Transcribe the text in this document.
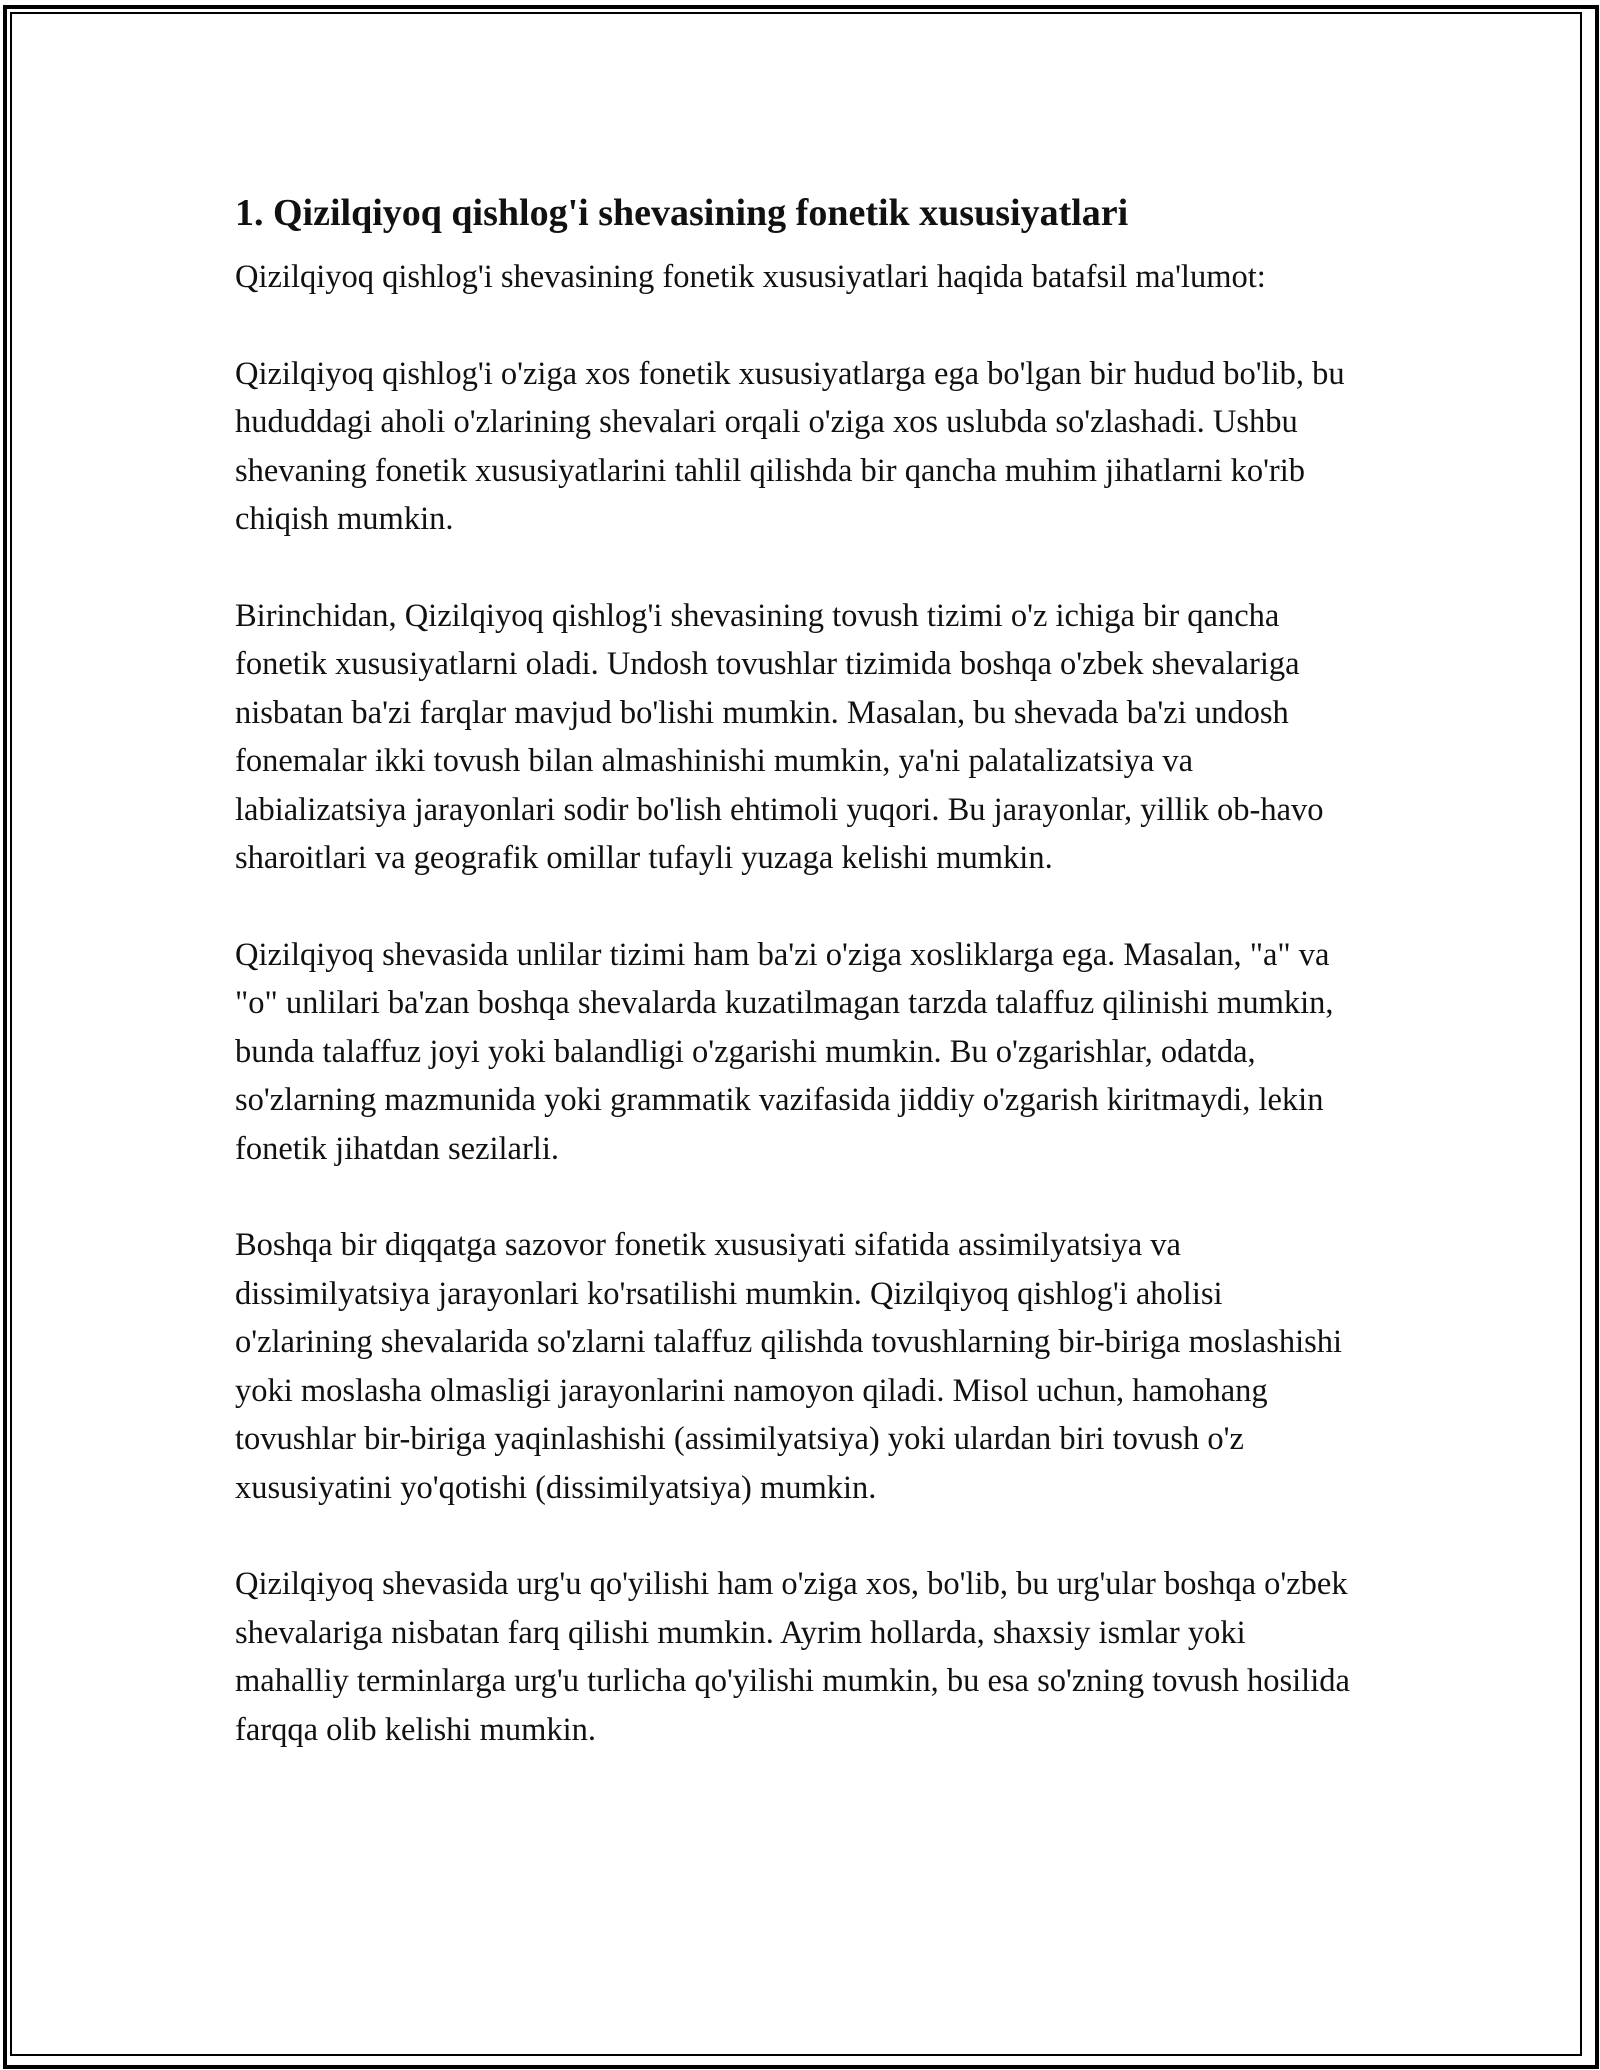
1. Qizilqiyoq qishlog'i shevasining fonetik xususiyatlari

Qizilqiyoq qishlog'i shevasining fonetik xususiyatlari haqida batafsil ma'lumot:

Qizilqiyoq qishlog'i o'ziga xos fonetik xususiyatlarga ega bo'lgan bir hudud bo'lib, bu hududdagi aholi o'zlarining shevalari orqali o'ziga xos uslubda so'zlashadi. Ushbu shevaning fonetik xususiyatlarini tahlil qilishda bir qancha muhim jihatlarni ko'rib chiqish mumkin.

Birinchidan, Qizilqiyoq qishlog'i shevasining tovush tizimi o'z ichiga bir qancha fonetik xususiyatlarni oladi. Undosh tovushlar tizimida boshqa o'zbek shevalariga nisbatan ba'zi farqlar mavjud bo'lishi mumkin. Masalan, bu shevada ba'zi undosh fonemalar ikki tovush bilan almashinishi mumkin, ya'ni palatalizatsiya va labializatsiya jarayonlari sodir bo'lish ehtimoli yuqori. Bu jarayonlar, yillik ob-havo sharoitlari va geografik omillar tufayli yuzaga kelishi mumkin.

Qizilqiyoq shevasida unlilar tizimi ham ba'zi o'ziga xosliklarga ega. Masalan, "a" va "o" unlilari ba'zan boshqa shevalarda kuzatilmagan tarzda talaffuz qilinishi mumkin, bunda talaffuz joyi yoki balandligi o'zgarishi mumkin. Bu o'zgarishlar, odatda, so'zlarning mazmunida yoki grammatik vazifasida jiddiy o'zgarish kiritmaydi, lekin fonetik jihatdan sezilarli.

Boshqa bir diqqatga sazovor fonetik xususiyati sifatida assimilyatsiya va dissimilyatsiya jarayonlari ko'rsatilishi mumkin. Qizilqiyoq qishlog'i aholisi o'zlarining shevalarida so'zlarni talaffuz qilishda tovushlarning bir-biriga moslashishi yoki moslasha olmasligi jarayonlarini namoyon qiladi. Misol uchun, hamohang tovushlar bir-biriga yaqinlashishi (assimilyatsiya) yoki ulardan biri tovush o'z xususiyatini yo'qotishi (dissimilyatsiya) mumkin.

Qizilqiyoq shevasida urg'u qo'yilishi ham o'ziga xos, bo'lib, bu urg'ular boshqa o'zbek shevalariga nisbatan farq qilishi mumkin. Ayrim hollarda, shaxsiy ismlar yoki mahalliy terminlarga urg'u turlicha qo'yilishi mumkin, bu esa so'zning tovush hosilida farqqa olib kelishi mumkin.
